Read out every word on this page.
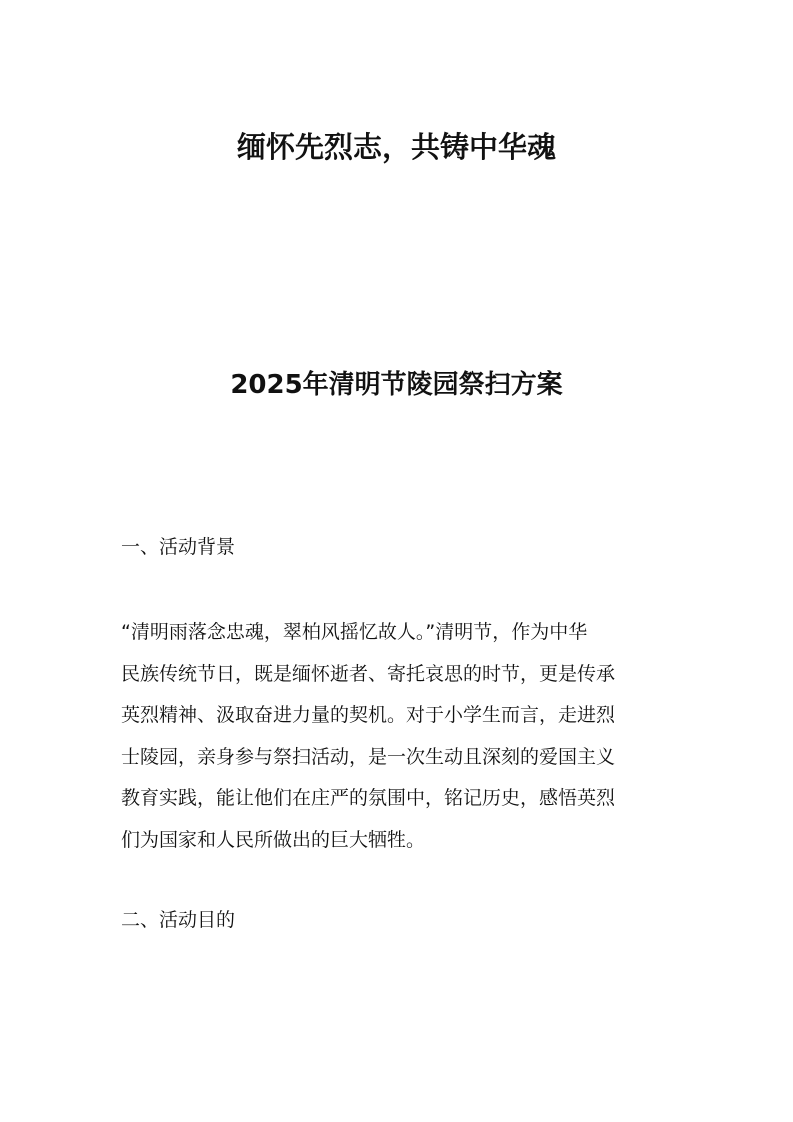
缅怀先烈志，共铸中华魂
2025年清明节陵园祭扫方案
一、活动背景
“清明雨落念忠魂，翠柏风摇忆故人。”清明节，作为中华
民族传统节日，既是缅怀逝者、寄托哀思的时节，更是传承
英烈精神、汲取奋进力量的契机。对于小学生而言，走进烈
士陵园，亲身参与祭扫活动，是一次生动且深刻的爱国主义
教育实践，能让他们在庄严的氛围中，铭记历史，感悟英烈
们为国家和人民所做出的巨大牺牲。
二、活动目的
